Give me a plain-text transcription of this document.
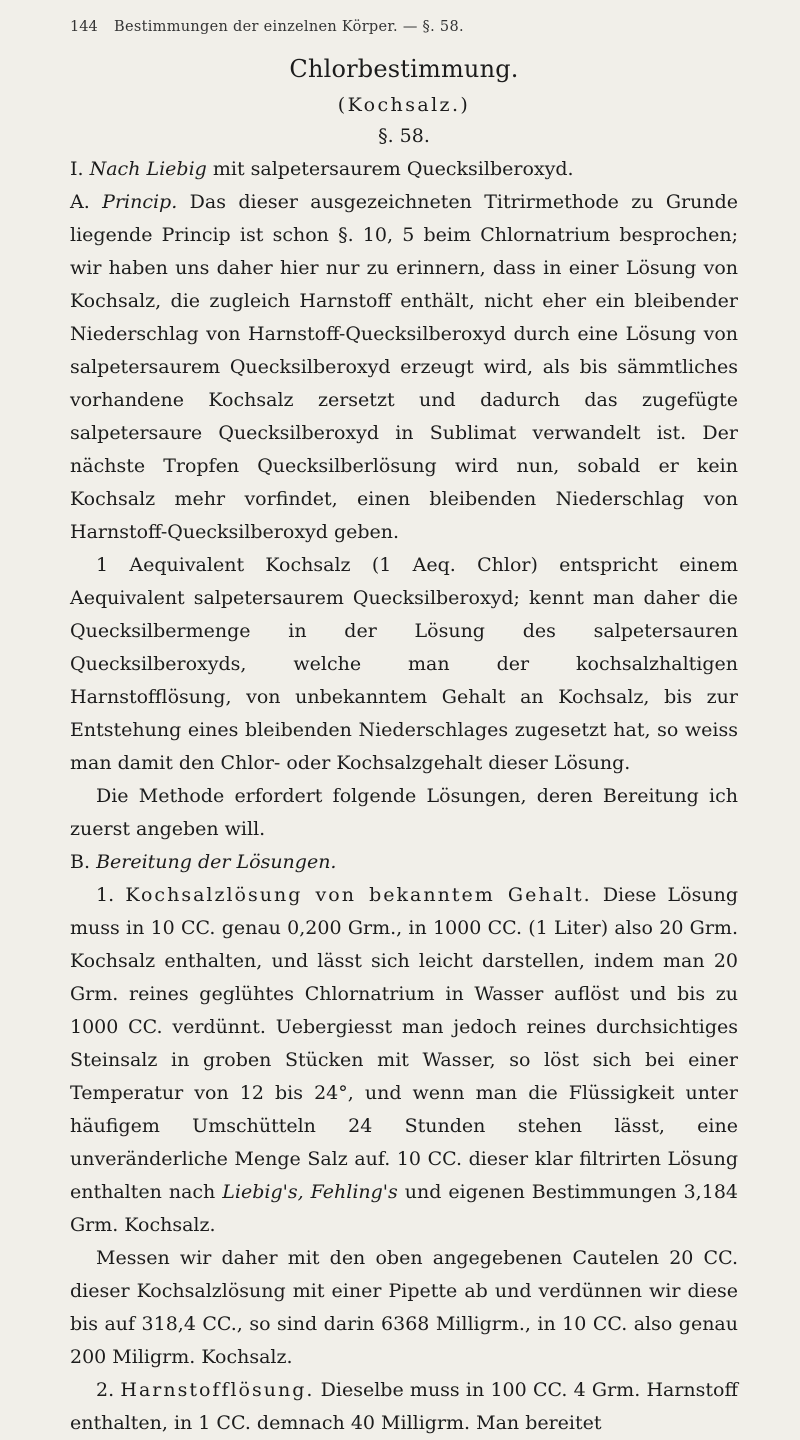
144	Bestimmungen der einzelnen Körper. — §. 58.
Chlorbestimmung.
(Kochsalz.)
§. 58.

I. Nach Liebig mit salpetersaurem Quecksilberoxyd.

A. Princip. Das dieser ausgezeichneten Titrirmethode zu Grunde liegende Princip ist schon §. 10, 5 beim Chlornatrium besprochen; wir haben uns daher hier nur zu erinnern, dass in einer Lösung von Kochsalz, die zugleich Harnstoff enthält, nicht eher ein bleibender Niederschlag von Harnstoff-Quecksilberoxyd durch eine Lösung von salpetersaurem Quecksilberoxyd erzeugt wird, als bis sämmtliches vorhandene Kochsalz zersetzt und dadurch das zugefügte salpetersaure Quecksilberoxyd in Sublimat verwandelt ist. Der nächste Tropfen Quecksilberlösung wird nun, sobald er kein Kochsalz mehr vorfindet, einen bleibenden Niederschlag von Harnstoff-Quecksilberoxyd geben.

1 Aequivalent Kochsalz (1 Aeq. Chlor) entspricht einem Aequivalent salpetersaurem Quecksilberoxyd; kennt man daher die Quecksilbermenge in der Lösung des salpetersauren Quecksilberoxyds, welche man der kochsalzhaltigen Harnstofflösung, von unbekanntem Gehalt an Kochsalz, bis zur Entstehung eines bleibenden Niederschlages zugesetzt hat, so weiss man damit den Chlor- oder Kochsalzgehalt dieser Lösung.

Die Methode erfordert folgende Lösungen, deren Bereitung ich zuerst angeben will.

B. Bereitung der Lösungen.

1. Kochsalzlösung von bekanntem Gehalt. Diese Lösung muss in 10 CC. genau 0,200 Grm., in 1000 CC. (1 Liter) also 20 Grm. Kochsalz enthalten, und lässt sich leicht darstellen, indem man 20 Grm. reines geglühtes Chlornatrium in Wasser auflöst und bis zu 1000 CC. verdünnt. Uebergiesst man jedoch reines durchsichtiges Steinsalz in groben Stücken mit Wasser, so löst sich bei einer Temperatur von 12 bis 24°, und wenn man die Flüssigkeit unter häufigem Umschütteln 24 Stunden stehen lässt, eine unveränderliche Menge Salz auf. 10 CC. dieser klar filtrirten Lösung enthalten nach Liebig's, Fehling's und eigenen Bestimmungen 3,184 Grm. Kochsalz.

Messen wir daher mit den oben angegebenen Cautelen 20 CC. dieser Kochsalzlösung mit einer Pipette ab und verdünnen wir diese bis auf 318,4 CC., so sind darin 6368 Milligrm., in 10 CC. also genau 200 Miligrm. Kochsalz.

2. Harnstofflösung. Dieselbe muss in 100 CC. 4 Grm. Harnstoff enthalten, in 1 CC. demnach 40 Milligrm. Man bereitet
